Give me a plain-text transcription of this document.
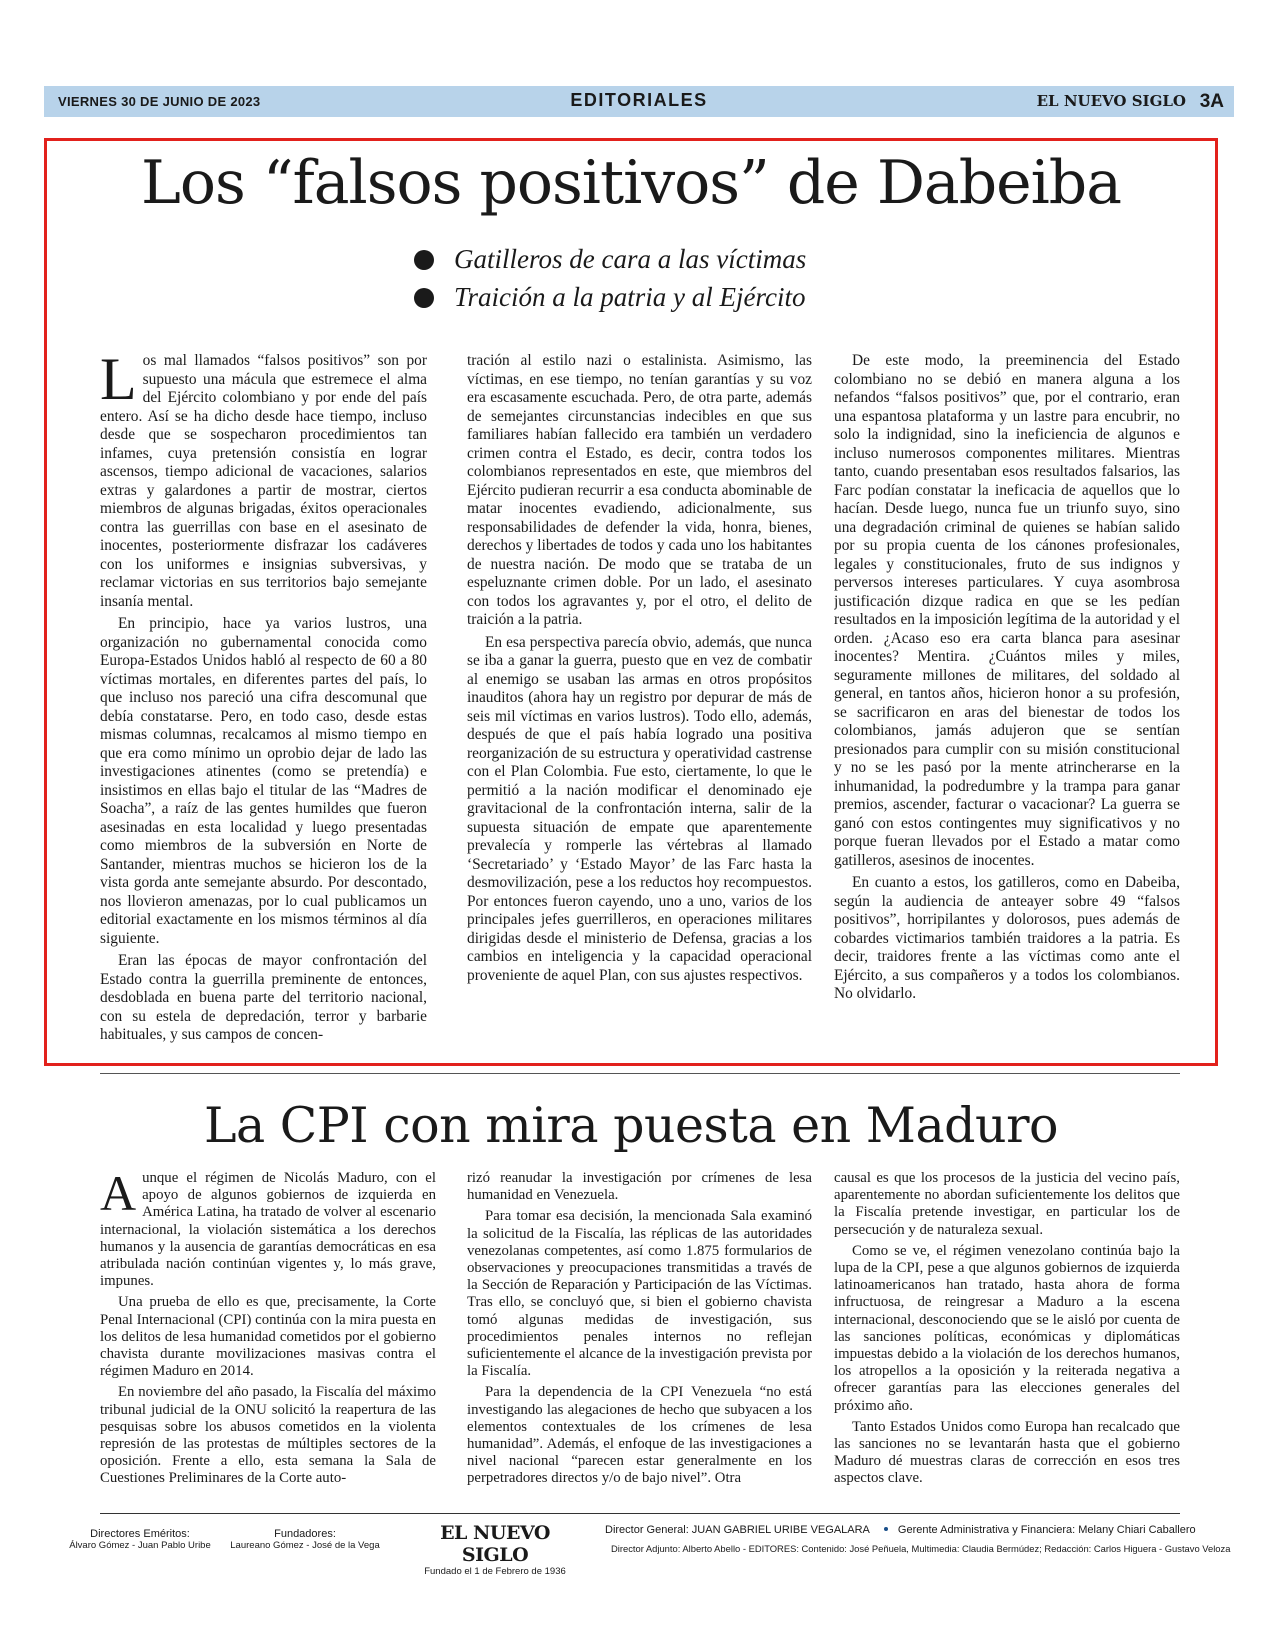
VIERNES 30 DE JUNIO DE 2023	EDITORIALES	EL NUEVO SIGLO 3A
Los “falsos positivos” de Dabeiba
Gatilleros de cara a las víctimas
Traición a la patria y al Ejército
L os mal llamados “falsos positivos” son por supuesto una mácula que estremece el alma del Ejército colombiano y por ende del país entero. Así se ha dicho desde hace tiempo, incluso desde que se sospecharon procedimientos tan infames, cuya pretensión consistía en lograr ascensos, tiempo adicional de vacaciones, salarios extras y galardones a partir de mostrar, ciertos miembros de algunas brigadas, éxitos operacionales contra las guerrillas con base en el asesinato de inocentes, posteriormente disfrazar los cadáveres con los uniformes e insignias subversivas, y reclamar victorias en sus territorios bajo semejante insanía mental.

En principio, hace ya varios lustros, una organización no gubernamental conocida como Europa-Estados Unidos habló al respecto de 60 a 80 víctimas mortales, en diferentes partes del país, lo que incluso nos pareció una cifra descomunal que debía constatarse. Pero, en todo caso, desde estas mismas columnas, recalcamos al mismo tiempo en que era como mínimo un oprobio dejar de lado las investigaciones atinentes (como se pretendía) e insistimos en ellas bajo el titular de las “Madres de Soacha”, a raíz de las gentes humildes que fueron asesinadas en esta localidad y luego presentadas como miembros de la subversión en Norte de Santander, mientras muchos se hicieron los de la vista gorda ante semejante absurdo. Por descontado, nos llovieron amenazas, por lo cual publicamos un editorial exactamente en los mismos términos al día siguiente.

Eran las épocas de mayor confrontación del Estado contra la guerrilla preminente de entonces, desdoblada en buena parte del territorio nacional, con su estela de depredación, terror y barbarie habituales, y sus campos de concen-

tración al estilo nazi o estalinista. Asimismo, las víctimas, en ese tiempo, no tenían garantías y su voz era escasamente escuchada. Pero, de otra parte, además de semejantes circunstancias indecibles en que sus familiares habían fallecido era también un verdadero crimen contra el Estado, es decir, contra todos los colombianos representados en este, que miembros del Ejército pudieran recurrir a esa conducta abominable de matar inocentes evadiendo, adicionalmente, sus responsabilidades de defender la vida, honra, bienes, derechos y libertades de todos y cada uno los habitantes de nuestra nación. De modo que se trataba de un espeluznante crimen doble. Por un lado, el asesinato con todos los agravantes y, por el otro, el delito de traición a la patria.

En esa perspectiva parecía obvio, además, que nunca se iba a ganar la guerra, puesto que en vez de combatir al enemigo se usaban las armas en otros propósitos inauditos (ahora hay un registro por depurar de más de seis mil víctimas en varios lustros). Todo ello, además, después de que el país había logrado una positiva reorganización de su estructura y operatividad castrense con el Plan Colombia. Fue esto, ciertamente, lo que le permitió a la nación modificar el denominado eje gravitacional de la confrontación interna, salir de la supuesta situación de empate que aparentemente prevalecía y romperle las vértebras al llamado ‘Secretariado’ y ‘Estado Mayor’ de las Farc hasta la desmovilización, pese a los reductos hoy recompuestos. Por entonces fueron cayendo, uno a uno, varios de los principales jefes guerrilleros, en operaciones militares dirigidas desde el ministerio de Defensa, gracias a los cambios en inteligencia y la capacidad operacional proveniente de aquel Plan, con sus ajustes respectivos.

De este modo, la preeminencia del Estado colombiano no se debió en manera alguna a los nefandos “falsos positivos” que, por el contrario, eran una espantosa plataforma y un lastre para encubrir, no solo la indignidad, sino la ineficiencia de algunos e incluso numerosos componentes militares. Mientras tanto, cuando presentaban esos resultados falsarios, las Farc podían constatar la ineficacia de aquellos que lo hacían. Desde luego, nunca fue un triunfo suyo, sino una degradación criminal de quienes se habían salido por su propia cuenta de los cánones profesionales, legales y constitucionales, fruto de sus indignos y perversos intereses particulares. Y cuya asombrosa justificación dizque radica en que se les pedían resultados en la imposición legítima de la autoridad y el orden. ¿Acaso eso era carta blanca para asesinar inocentes? Mentira. ¿Cuántos miles y miles, seguramente millones de militares, del soldado al general, en tantos años, hicieron honor a su profesión, se sacrificaron en aras del bienestar de todos los colombianos, jamás adujeron que se sentían presionados para cumplir con su misión constitucional y no se les pasó por la mente atrincherarse en la inhumanidad, la podredumbre y la trampa para ganar premios, ascender, facturar o vacacionar? La guerra se ganó con estos contingentes muy significativos y no porque fueran llevados por el Estado a matar como gatilleros, asesinos de inocentes.

En cuanto a estos, los gatilleros, como en Dabeiba, según la audiencia de anteayer sobre 49 “falsos positivos”, horripilantes y dolorosos, pues además de cobardes victimarios también traidores a la patria. Es decir, traidores frente a las víctimas como ante el Ejército, a sus compañeros y a todos los colombianos. No olvidarlo.

La CPI con mira puesta en Maduro
A unque el régimen de Nicolás Maduro, con el apoyo de algunos gobiernos de izquierda en América Latina, ha tratado de volver al escenario internacional, la violación sistemática a los derechos humanos y la ausencia de garantías democráticas en esa atribulada nación continúan vigentes y, lo más grave, impunes.

Una prueba de ello es que, precisamente, la Corte Penal Internacional (CPI) continúa con la mira puesta en los delitos de lesa humanidad cometidos por el gobierno chavista durante movilizaciones masivas contra el régimen Maduro en 2014.

En noviembre del año pasado, la Fiscalía del máximo tribunal judicial de la ONU solicitó la reapertura de las pesquisas sobre los abusos cometidos en la violenta represión de las protestas de múltiples sectores de la oposición. Frente a ello, esta semana la Sala de Cuestiones Preliminares de la Corte auto-

rizó reanudar la investigación por crímenes de lesa humanidad en Venezuela.

Para tomar esa decisión, la mencionada Sala examinó la solicitud de la Fiscalía, las réplicas de las autoridades venezolanas competentes, así como 1.875 formularios de observaciones y preocupaciones transmitidas a través de la Sección de Reparación y Participación de las Víctimas. Tras ello, se concluyó que, si bien el gobierno chavista tomó algunas medidas de investigación, sus procedimientos penales internos no reflejan suficientemente el alcance de la investigación prevista por la Fiscalía.

Para la dependencia de la CPI Venezuela “no está investigando las alegaciones de hecho que subyacen a los elementos contextuales de los crímenes de lesa humanidad”. Además, el enfoque de las investigaciones a nivel nacional “parecen estar generalmente en los perpetradores directos y/o de bajo nivel”. Otra

causal es que los procesos de la justicia del vecino país, aparentemente no abordan suficientemente los delitos que la Fiscalía pretende investigar, en particular los de persecución y de naturaleza sexual.

Como se ve, el régimen venezolano continúa bajo la lupa de la CPI, pese a que algunos gobiernos de izquierda latinoamericanos han tratado, hasta ahora de forma infructuosa, de reingresar a Maduro a la escena internacional, desconociendo que se le aisló por cuenta de las sanciones políticas, económicas y diplomáticas impuestas debido a la violación de los derechos humanos, los atropellos a la oposición y la reiterada negativa a ofrecer garantías para las elecciones generales del próximo año.

Tanto Estados Unidos como Europa han recalcado que las sanciones no se levantarán hasta que el gobierno Maduro dé muestras claras de corrección en esos tres aspectos clave.

Directores Eméritos:
Álvaro Gómez - Juan Pablo Uribe
Fundadores:
Laureano Gómez - José de la Vega
EL NUEVO SIGLO
Fundado el 1 de Febrero de 1936
Director General: JUAN GABRIEL URIBE VEGALARA	Gerente Administrativa y Financiera: Melany Chiari Caballero
Director Adjunto: Alberto Abello - EDITORES: Contenido: José Peñuela, Multimedia: Claudia Bermúdez; Redacción: Carlos Higuera - Gustavo Veloza
